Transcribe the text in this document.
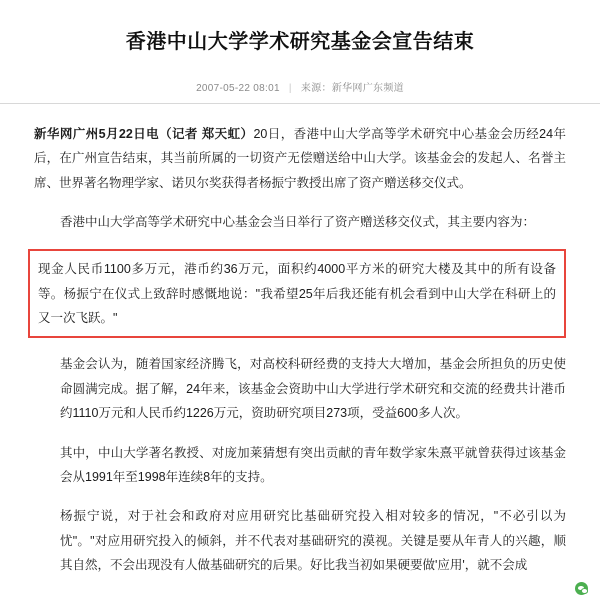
香港中山大学学术研究基金会宣告结束
2007-05-22 08:01 | 来源：新华网广东频道

新华网广州5月22日电（记者 郑天虹）20日，香港中山大学高等学术研究中心基金会历经24年后，在广州宣告结束，其当前所属的一切资产无偿赠送给中山大学。该基金会的发起人、名誉主席、世界著名物理学家、诺贝尔奖获得者杨振宁教授出席了资产赠送移交仪式。

香港中山大学高等学术研究中心基金会当日举行了资产赠送移交仪式，其主要内容为：

现金人民币1100多万元，港币约36万元，面积约4000平方米的研究大楼及其中的所有设备等。杨振宁在仪式上致辞时感慨地说："我希望25年后我还能有机会看到中山大学在科研上的又一次飞跃。"

基金会认为，随着国家经济腾飞，对高校科研经费的支持大大增加，基金会所担负的历史使命圆满完成。据了解，24年来，该基金会资助中山大学进行学术研究和交流的经费共计港币约1110万元和人民币约1226万元，资助研究项目273项，受益600多人次。

其中，中山大学著名教授、对庞加莱猜想有突出贡献的青年数学家朱熹平就曾获得过该基金会从1991年至1998年连续8年的支持。

杨振宁说，对于社会和政府对应用研究比基础研究投入相对较多的情况，"不必引以为忧"。"对应用研究投入的倾斜，并不代表对基础研究的漠视。关键是要从年青人的兴趣，顺其自然，不会出现没有人做基础研究的后果。好比我当初如果硬要做'应用'，就不会成
